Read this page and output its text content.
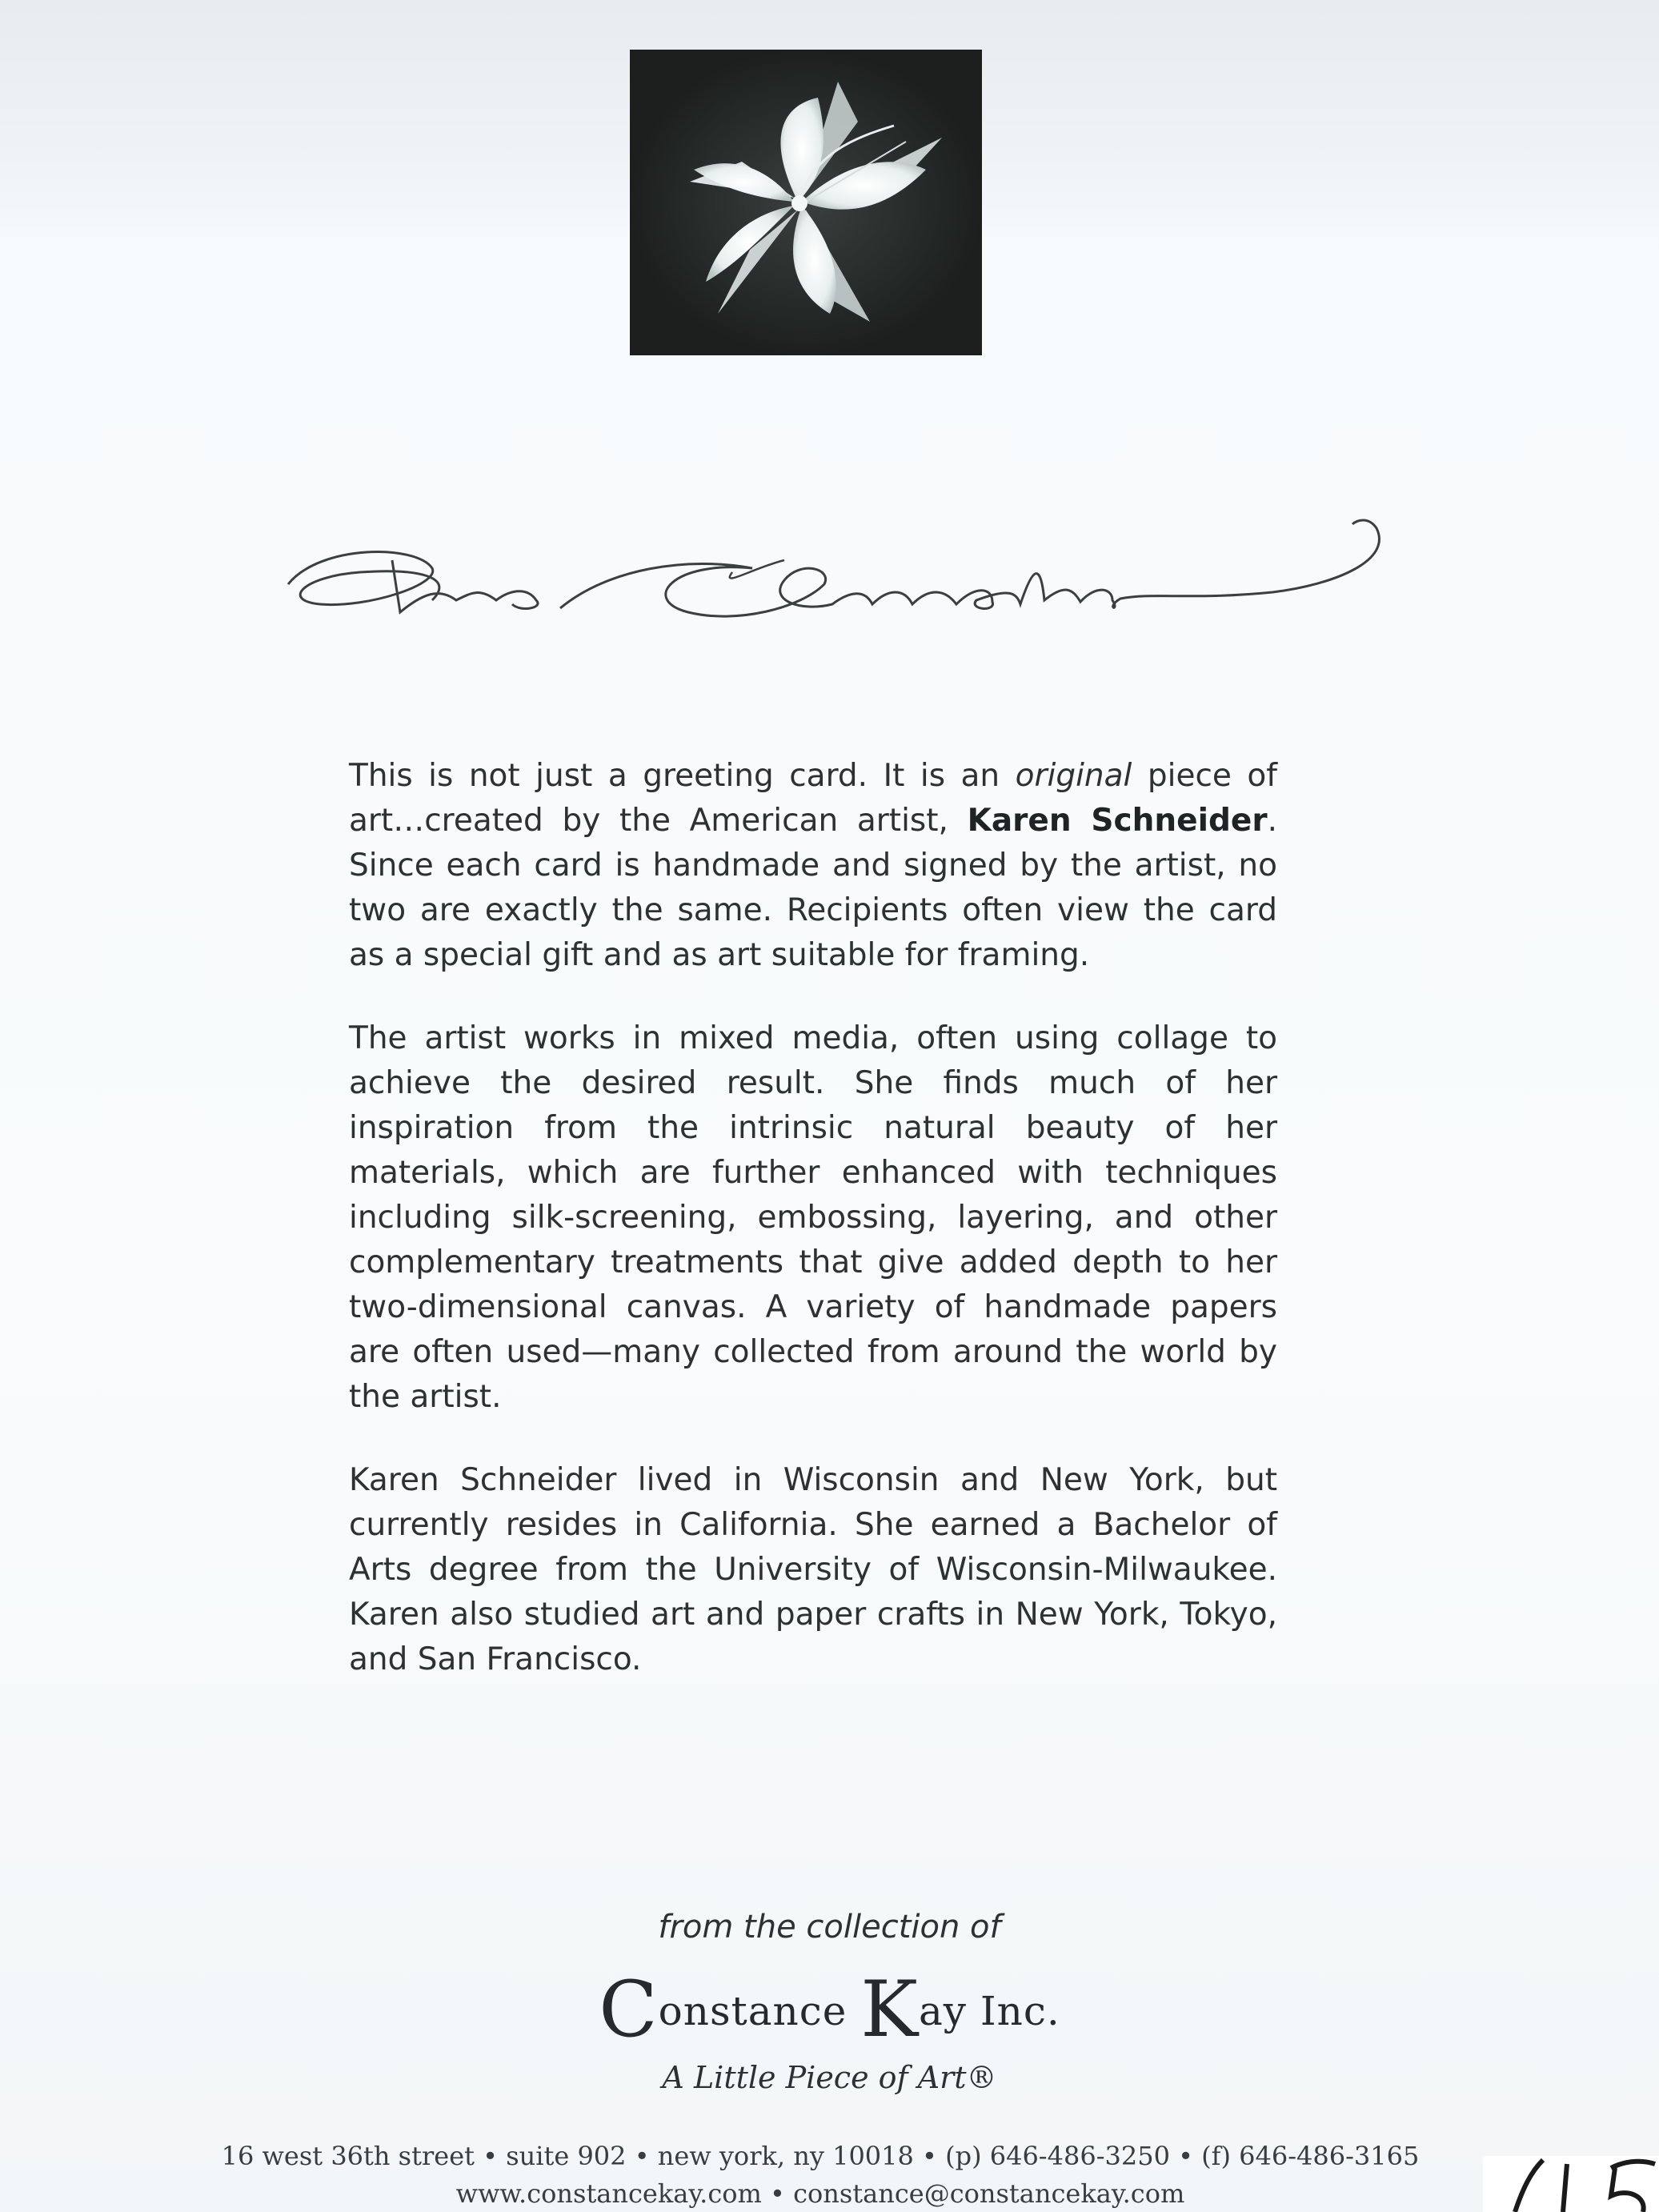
This is not just a greeting card. It is an original piece of art…created by the American artist, Karen Schneider. Since each card is handmade and signed by the artist, no two are exactly the same. Recipients often view the card as a special gift and as art suitable for framing.

The artist works in mixed media, often using collage to achieve the desired result. She finds much of her inspiration from the intrinsic natural beauty of her materials, which are further enhanced with techniques including silk-screening, embossing, layering, and other complementary treatments that give added depth to her two-dimensional canvas. A variety of handmade papers are often used—many collected from around the world by the artist.

Karen Schneider lived in Wisconsin and New York, but currently resides in California. She earned a Bachelor of Arts degree from the University of Wisconsin-Milwaukee. Karen also studied art and paper crafts in New York, Tokyo, and San Francisco.

from the collection of
Constance Kay Inc.
A Little Piece of Art®
16 west 36th street • suite 902 • new york, ny 10018 • (p) 646-486-3250 • (f) 646-486-3165
www.constancekay.com • constance@constancekay.com
